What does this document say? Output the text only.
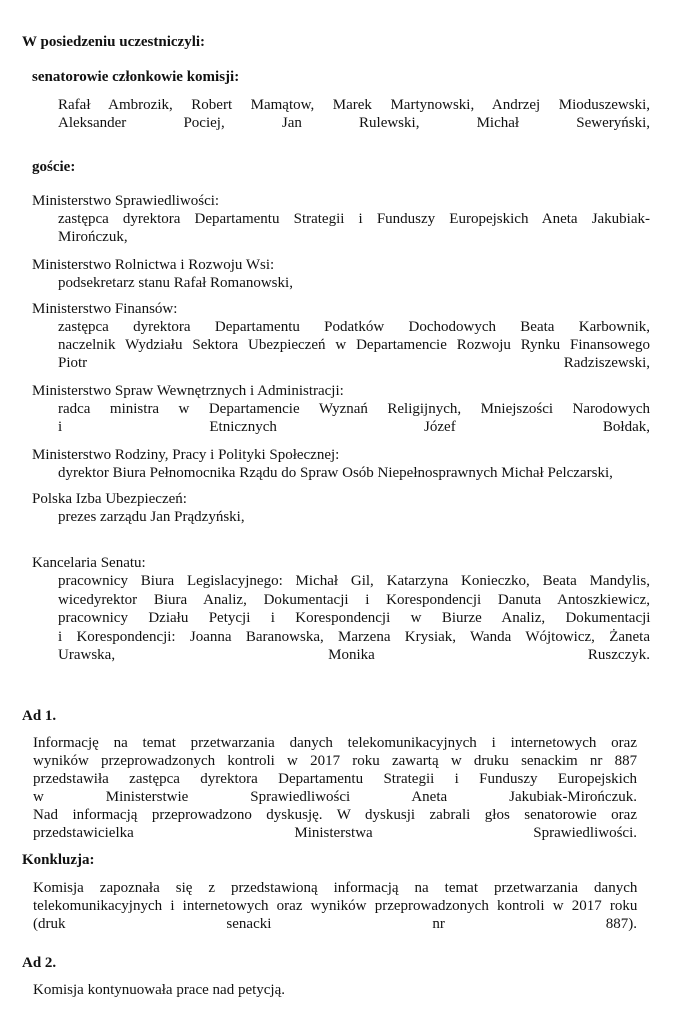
W posiedzeniu uczestniczyli:
senatorowie członkowie komisji:
Rafał Ambrozik, Robert Mamątow, Marek Martynowski, Andrzej Mioduszewski,
Aleksander Pociej, Jan Rulewski, Michał Seweryński,
goście:
Ministerstwo Sprawiedliwości:
zastępca dyrektora Departamentu Strategii i Funduszy Europejskich Aneta Jakubiak-
Mirończuk,
Ministerstwo Rolnictwa i Rozwoju Wsi:
podsekretarz stanu Rafał Romanowski,
Ministerstwo Finansów:
zastępca dyrektora Departamentu Podatków Dochodowych Beata Karbownik,
naczelnik Wydziału Sektora Ubezpieczeń w Departamencie Rozwoju Rynku Finansowego
Piotr Radziszewski,
Ministerstwo Spraw Wewnętrznych i Administracji:
radca ministra w Departamencie Wyznań Religijnych, Mniejszości Narodowych
i Etnicznych Józef Bołdak,
Ministerstwo Rodziny, Pracy i Polityki Społecznej:
dyrektor Biura Pełnomocnika Rządu do Spraw Osób Niepełnosprawnych Michał Pelczarski,
Polska Izba Ubezpieczeń:
prezes zarządu Jan Prądzyński,
Kancelaria Senatu:
pracownicy Biura Legislacyjnego: Michał Gil, Katarzyna Konieczko, Beata Mandylis,
wicedyrektor Biura Analiz, Dokumentacji i Korespondencji Danuta Antoszkiewicz,
pracownicy Działu Petycji i Korespondencji w Biurze Analiz, Dokumentacji
i Korespondencji: Joanna Baranowska, Marzena Krysiak, Wanda Wójtowicz, Żaneta
Urawska, Monika Ruszczyk.
Ad 1.
Informację na temat przetwarzania danych telekomunikacyjnych i internetowych oraz
wyników przeprowadzonych kontroli w 2017 roku zawartą w druku senackim nr 887
przedstawiła zastępca dyrektora Departamentu Strategii i Funduszy Europejskich
w Ministerstwie Sprawiedliwości Aneta Jakubiak-Mirończuk.
Nad informacją przeprowadzono dyskusję. W dyskusji zabrali głos senatorowie oraz
przedstawicielka Ministerstwa Sprawiedliwości.
Konkluzja:
Komisja zapoznała się z przedstawioną informacją na temat przetwarzania danych
telekomunikacyjnych i internetowych oraz wyników przeprowadzonych kontroli w 2017 roku
(druk senacki nr 887).
Ad 2.
Komisja kontynuowała prace nad petycją.
